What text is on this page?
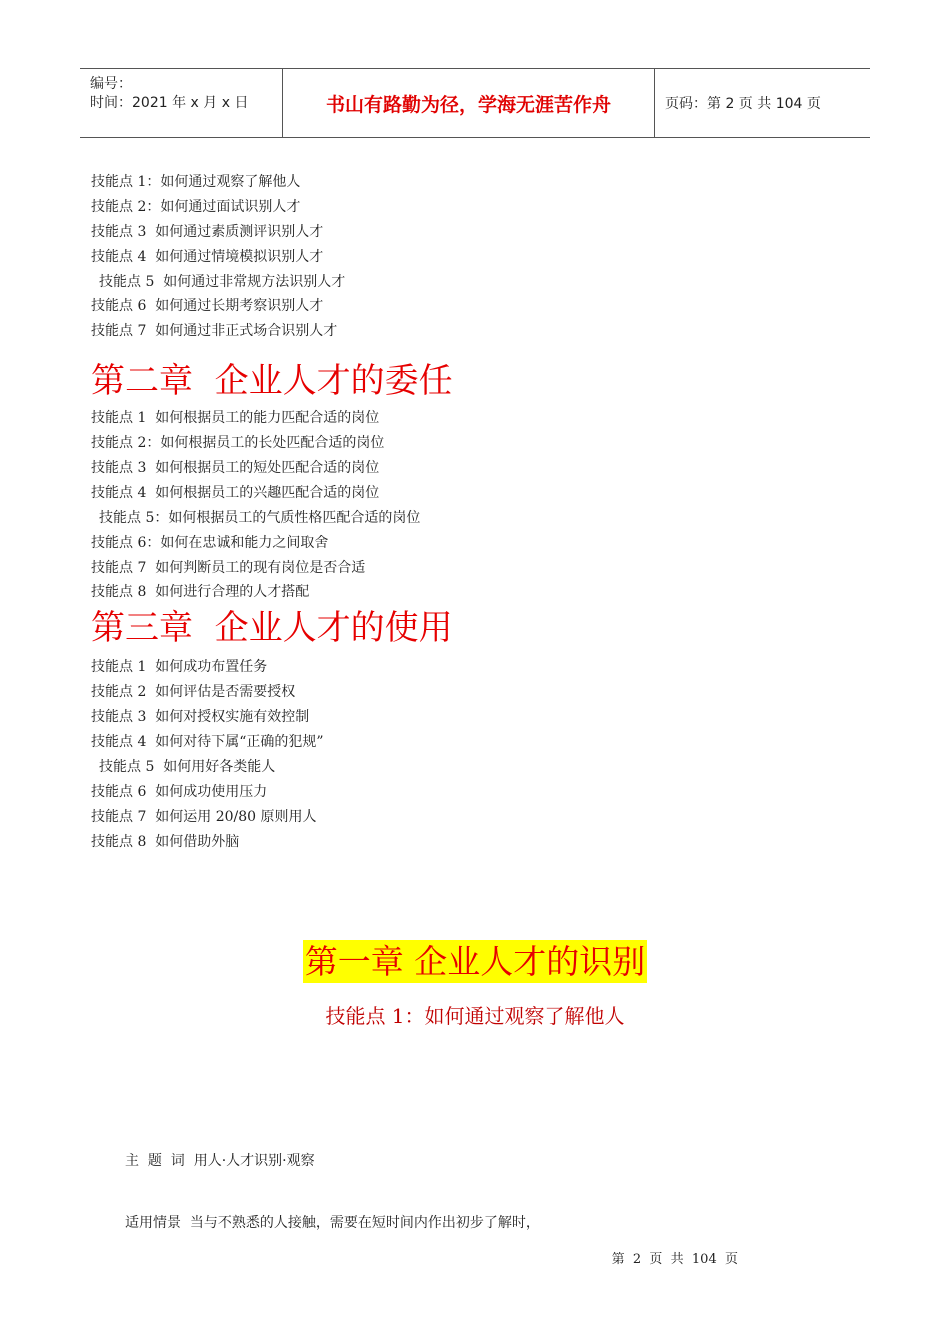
编号：
时间：2021 年 x 月 x 日	书山有路勤为径，学海无涯苦作舟	页码：第 2 页 共 104 页
技能点 1：如何通过观察了解他人
技能点 2：如何通过面试识别人才
技能点 3  如何通过素质测评识别人才
技能点 4  如何通过情境模拟识别人才
技能点 5  如何通过非常规方法识别人才
技能点 6  如何通过长期考察识别人才
技能点 7  如何通过非正式场合识别人才
第二章  企业人才的委任
技能点 1  如何根据员工的能力匹配合适的岗位
技能点 2：如何根据员工的长处匹配合适的岗位
技能点 3  如何根据员工的短处匹配合适的岗位
技能点 4  如何根据员工的兴趣匹配合适的岗位
技能点 5：如何根据员工的气质性格匹配合适的岗位
技能点 6：如何在忠诚和能力之间取舍
技能点 7  如何判断员工的现有岗位是否合适
技能点 8  如何进行合理的人才搭配
第三章  企业人才的使用
技能点 1  如何成功布置任务
技能点 2  如何评估是否需要授权
技能点 3  如何对授权实施有效控制
技能点 4  如何对待下属“正确的犯规”
技能点 5  如何用好各类能人
技能点 6  如何成功使用压力
技能点 7  如何运用 20/80 原则用人
技能点 8  如何借助外脑
第一章 企业人才的识别
技能点 1：如何通过观察了解他人
主  题  词  用人·人才识别·观察
适用情景  当与不熟悉的人接触，需要在短时间内作出初步了解时，
第  2  页  共  104  页
